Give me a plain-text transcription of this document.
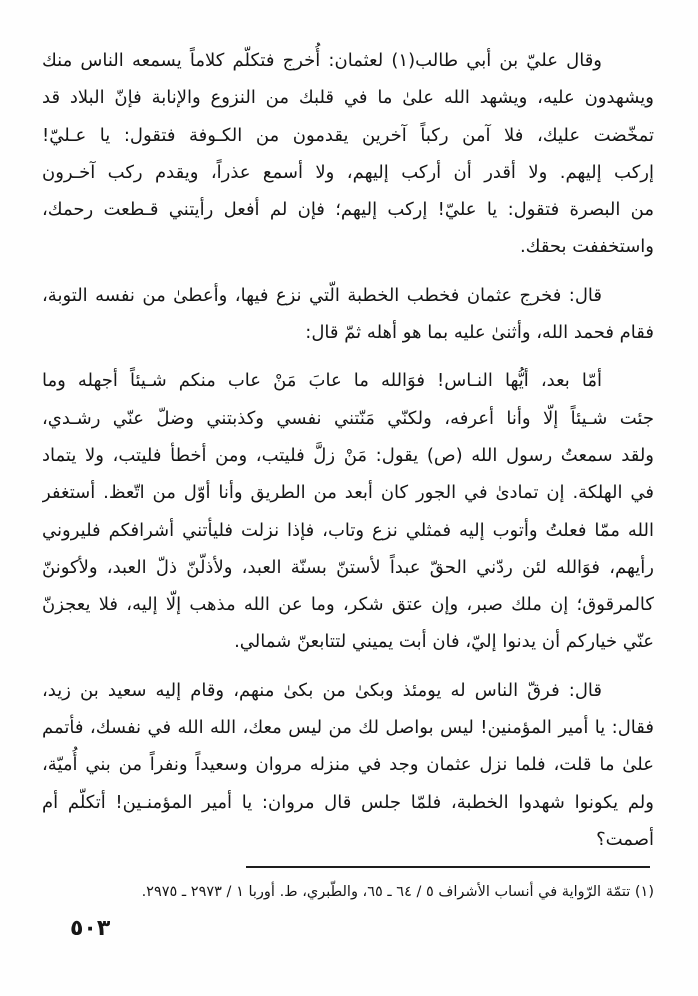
وقال عليّ بن أبي طالب(١) لعثمان: أُخرج فتكلّم كلاماً يسمعه الناس منك
ويشهدون عليه، ويشهد الله علىٰ ما في قلبك من النزوع والإنابة فإنّ البلاد قد
تمخّضت عليك، فلا آمن ركباً آخرين يقدمون من الكـوفة فتقول: يا عـليّ!
إركب إليهم. ولا أقدر أن أركب إليهم، ولا أسمع عذراً، ويقدم ركب آخـرون
من البصرة فتقول: يا عليّ! إركب إليهم؛ فإن لم أفعل رأيتني قـطعت رحمك،
واستخففت بحقك.
قال: فخرج عثمان فخطب الخطبة الّتي نزع فيها، وأعطىٰ من نفسه التوبة،
فقام فحمد الله، وأثنىٰ عليه بما هو أهله ثمّ قال:
أمّا بعد، أيُّها النـاس! فوَالله ما عابَ مَنْ عاب منكم شـيئاً أجهله وما
جئت شـيئاً إلّا وأنا أعرفه، ولكنّي مَنّتني نفسي وكذبتني وضلّ عنّي رشـدي،
ولقد سمعتُ رسول الله (ص) يقول: مَنْ زلَّ فليتب، ومن أخطأ فليتب، ولا يتماد
في الهلكة. إن تمادىٰ في الجور كان أبعد من الطريق وأنا أوّل من اتّعظ. أستغفر
الله ممّا فعلتُ وأتوب إليه فمثلي نزع وتاب، فإذا نزلت فليأتني أشرافكم فليروني
رأيهم، فوَالله لئن ردّني الحقّ عبداً لأستنّ بسنّة العبد، ولأذلّنّ ذلّ العبد، ولأكوننّ
كالمرقوق؛ إن ملك صبر، وإن عتق شكر، وما عن الله مذهب إلّا إليه، فلا يعجزنّ
عنّي خياركم أن يدنوا إليّ، فان أبت يميني لتتابعنّ شمالي.
قال: فرقّ الناس له يومئذ وبكىٰ من بكىٰ منهم، وقام إليه سعيد بن زيد،
فقال: يا أمير المؤمنين! ليس بواصل لك من ليس معك، الله الله في نفسك، فأتمم
علىٰ ما قلت، فلما نزل عثمان وجد في منزله مروان وسعيداً ونفراً من بني أُميّة،
ولم يكونوا شهدوا الخطبة، فلمّا جلس قال مروان: يا أمير المؤمنـين! أتكلّم أم
أصمت؟
(١) تتمّة الرّواية في أنساب الأشراف ٥ / ٦٤ ـ ٦٥، والطّبري، ط. أوربا ١ / ٢٩٧٣ ـ ٢٩٧٥.
٥٠٣
